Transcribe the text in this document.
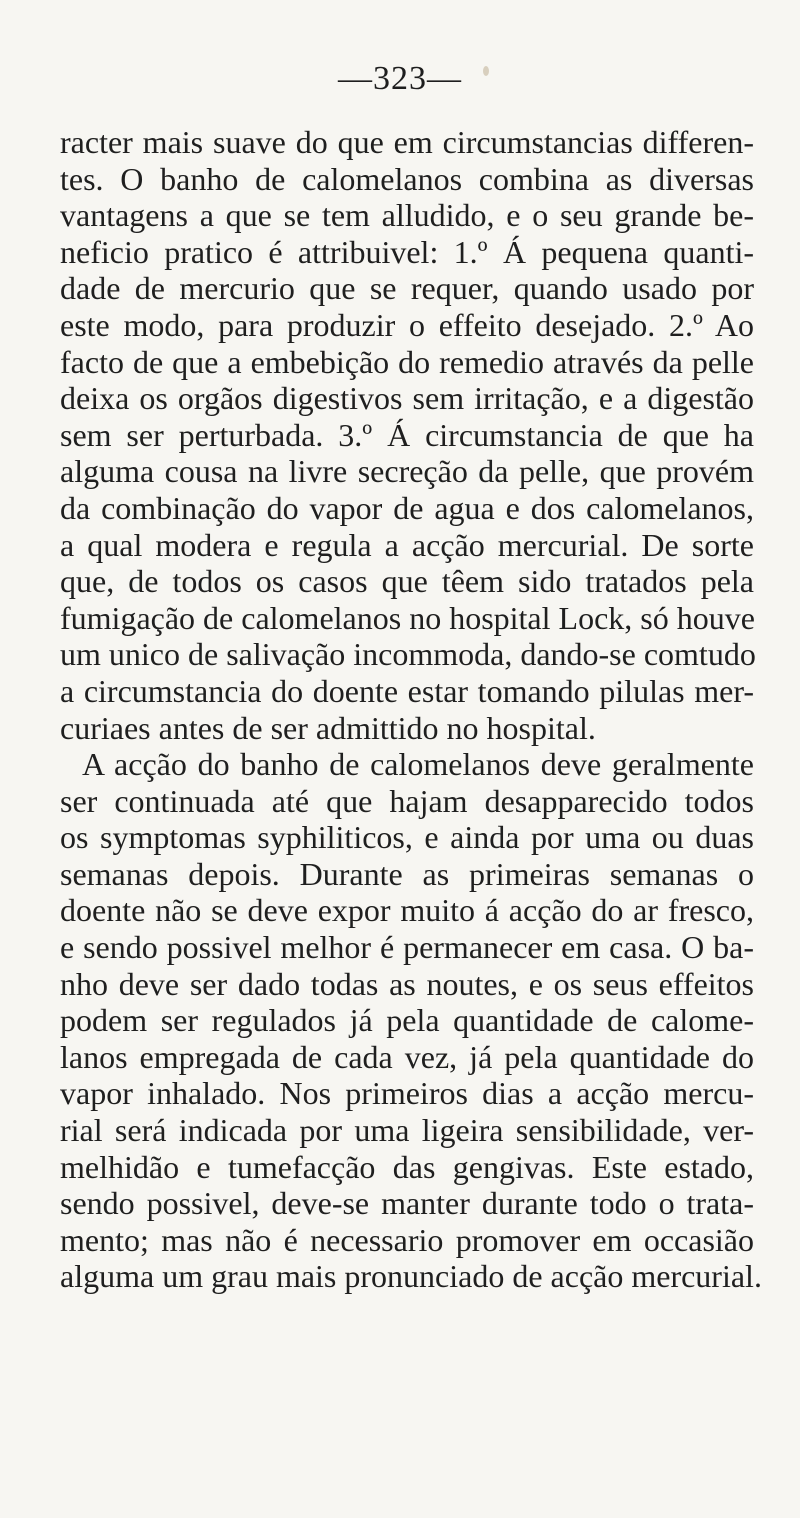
—323—
racter mais suave do que em circumstancias differen-
tes. O banho de calomelanos combina as diversas
vantagens a que se tem alludido, e o seu grande be-
neficio pratico é attribuivel: 1.º Á pequena quanti-
dade de mercurio que se requer, quando usado por
este modo, para produzir o effeito desejado. 2.º Ao
facto de que a embebição do remedio através da pelle
deixa os orgãos digestivos sem irritação, e a digestão
sem ser perturbada. 3.º Á circumstancia de que ha
alguma cousa na livre secreção da pelle, que provém
da combinação do vapor de agua e dos calomelanos,
a qual modera e regula a acção mercurial. De sorte
que, de todos os casos que têem sido tratados pela
fumigação de calomelanos no hospital Lock, só houve
um unico de salivação incommoda, dando-se comtudo
a circumstancia do doente estar tomando pilulas mer-
curiaes antes de ser admittido no hospital.
A acção do banho de calomelanos deve geralmente
ser continuada até que hajam desapparecido todos
os symptomas syphiliticos, e ainda por uma ou duas
semanas depois. Durante as primeiras semanas o
doente não se deve expor muito á acção do ar fresco,
e sendo possivel melhor é permanecer em casa. O ba-
nho deve ser dado todas as noutes, e os seus effeitos
podem ser regulados já pela quantidade de calome-
lanos empregada de cada vez, já pela quantidade do
vapor inhalado. Nos primeiros dias a acção mercu-
rial será indicada por uma ligeira sensibilidade, ver-
melhidão e tumefacção das gengivas. Este estado,
sendo possivel, deve-se manter durante todo o trata-
mento; mas não é necessario promover em occasião
alguma um grau mais pronunciado de acção mercurial.
